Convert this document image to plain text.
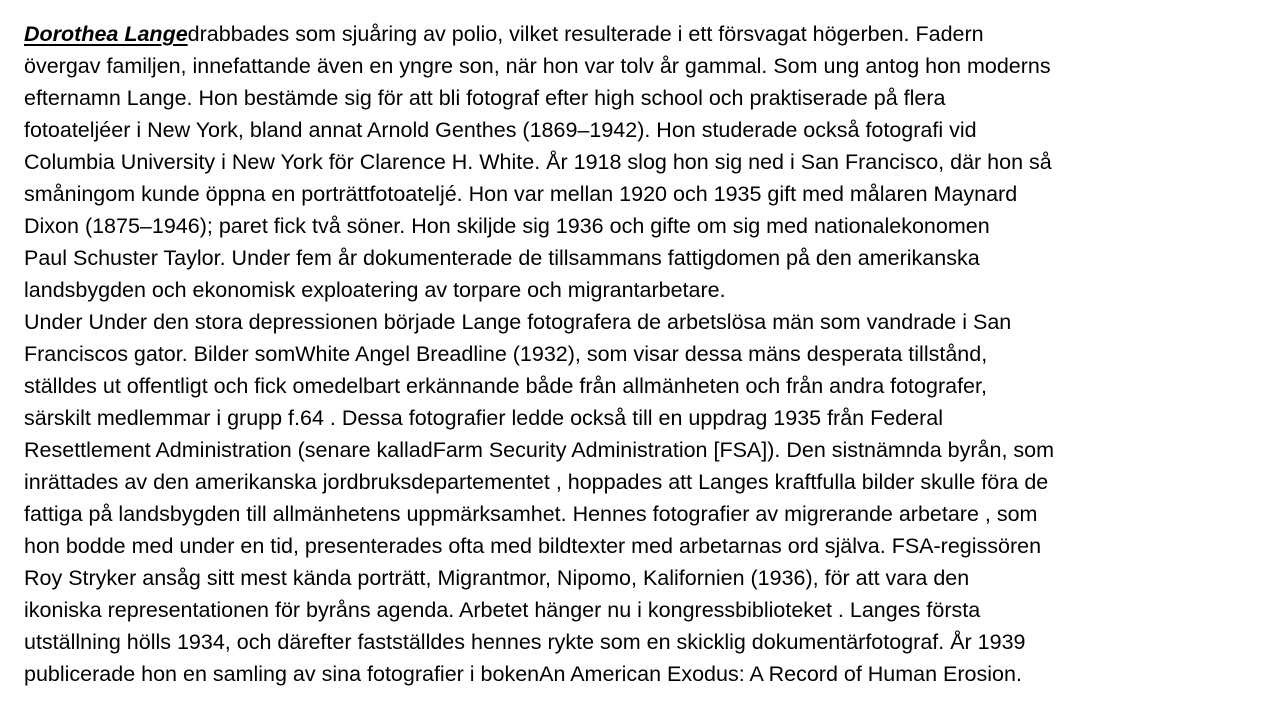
Dorothea Langedrabbades som sjuåring av polio, vilket resulterade i ett försvagat högerben. Fadern
övergav familjen, innefattande även en yngre son, när hon var tolv år gammal. Som ung antog hon moderns
efternamn Lange. Hon bestämde sig för att bli fotograf efter high school och praktiserade på flera
fotoateljéer i New York, bland annat Arnold Genthes (1869–1942). Hon studerade också fotografi vid
Columbia University i New York för Clarence H. White. År 1918 slog hon sig ned i San Francisco, där hon så
småningom kunde öppna en porträttfotoateljé. Hon var mellan 1920 och 1935 gift med målaren Maynard
Dixon (1875–1946); paret fick två söner. Hon skiljde sig 1936 och gifte om sig med nationalekonomen
Paul Schuster Taylor. Under fem år dokumenterade de tillsammans fattigdomen på den amerikanska
landsbygden och ekonomisk exploatering av torpare och migrantarbetare.

Under Under den stora depressionen började Lange fotografera de arbetslösa män som vandrade i San
Franciscos gator. Bilder somWhite Angel Breadline (1932), som visar dessa mäns desperata tillstånd,
ställdes ut offentligt och fick omedelbart erkännande både från allmänheten och från andra fotografer,
särskilt medlemmar i grupp f.64 . Dessa fotografier ledde också till en uppdrag 1935 från Federal
Resettlement Administration (senare kalladFarm Security Administration [FSA]). Den sistnämnda byrån, som
inrättades av den amerikanska jordbruksdepartementet , hoppades att Langes kraftfulla bilder skulle föra de
fattiga på landsbygden till allmänhetens uppmärksamhet. Hennes fotografier av migrerande arbetare , som
hon bodde med under en tid, presenterades ofta med bildtexter med arbetarnas ord själva. FSA-regissören
Roy Stryker ansåg sitt mest kända porträtt, Migrantmor, Nipomo, Kalifornien (1936), för att vara den
ikoniska representationen för byråns agenda. Arbetet hänger nu i kongressbiblioteket . Langes första
utställning hölls 1934, och därefter fastställdes hennes rykte som en skicklig dokumentärfotograf. År 1939
publicerade hon en samling av sina fotografier i bokenAn American Exodus: A Record of Human Erosion.
